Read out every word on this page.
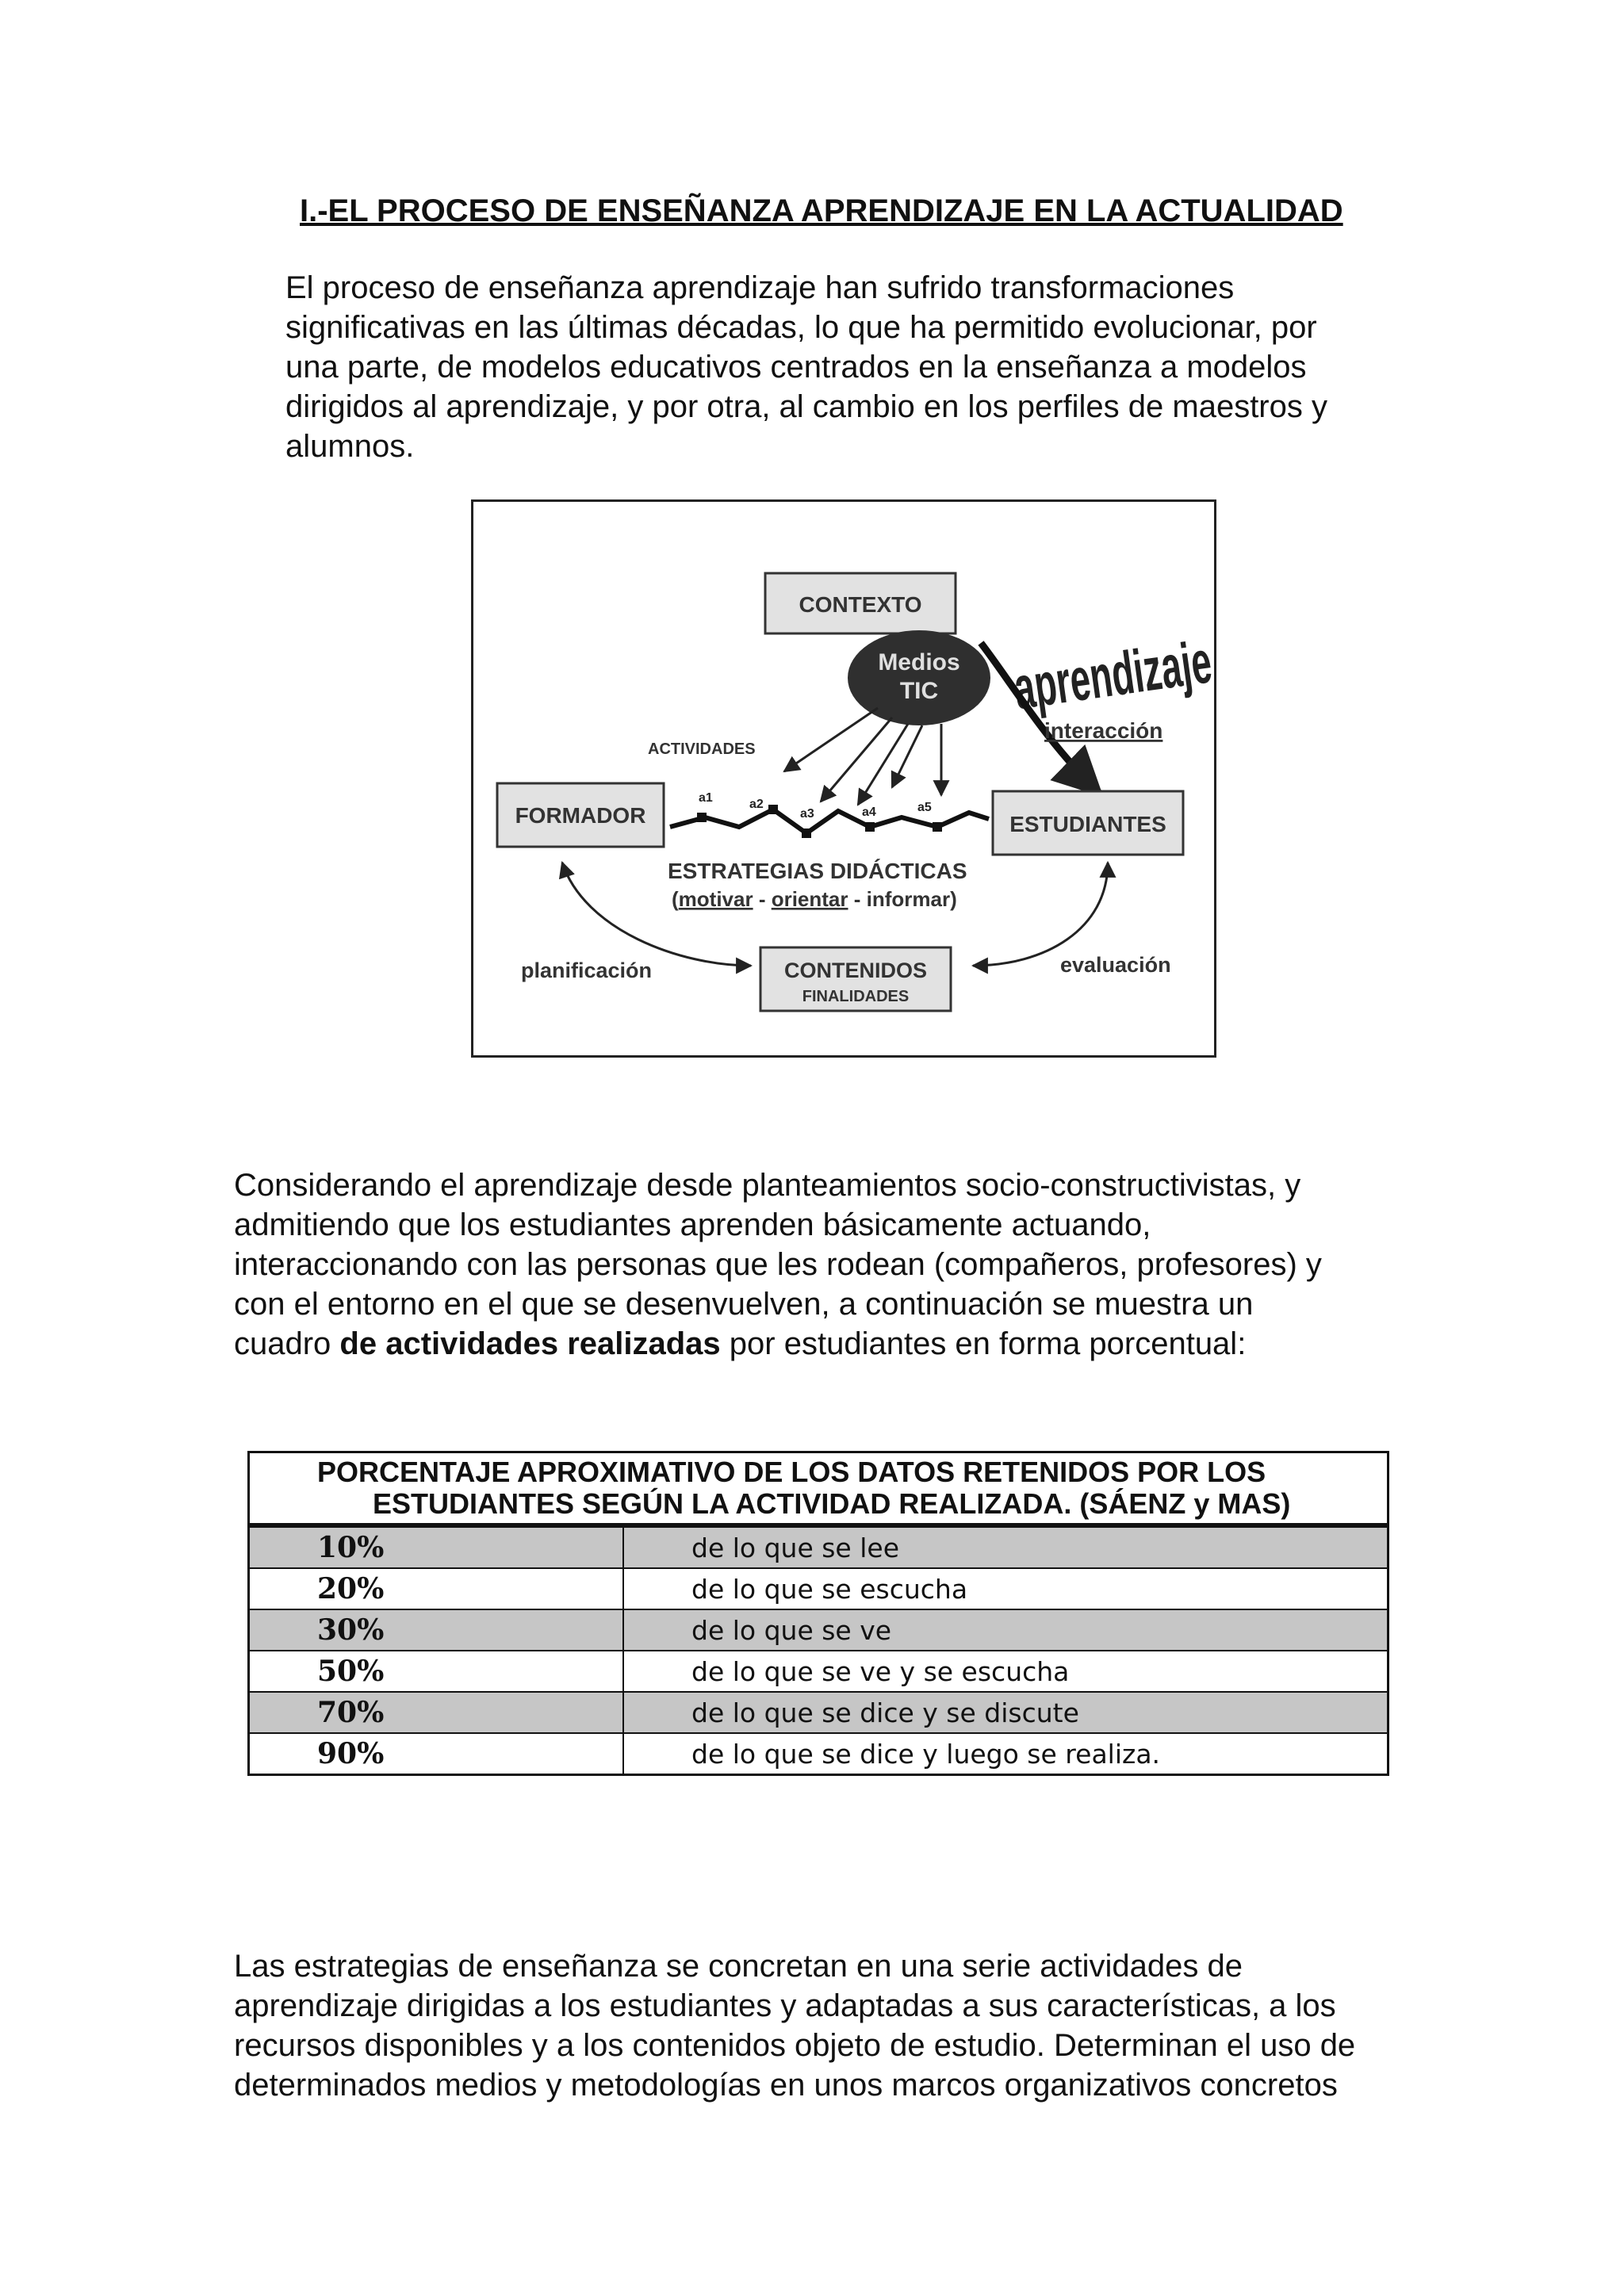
I.-EL PROCESO DE ENSEÑANZA APRENDIZAJE EN LA ACTUALIDAD

El proceso de enseñanza aprendizaje han sufrido transformaciones
significativas en las últimas décadas, lo que ha permitido evolucionar, por
una parte, de modelos educativos centrados en la enseñanza a modelos
dirigidos al aprendizaje, y por otra, al cambio en los perfiles de maestros y
alumnos.

CONTEXTO
Medios
TIC aprendizaje
interacción
ACTIVIDADES
FORMADOR	ESTUDIANTES
a1	a2
a3	a4	a5
ESTRATEGIAS DIDÁCTICAS
(motivar - orientar - informar)
planificación	evaluación
CONTENIDOS
FINALIDADES

Considerando el aprendizaje desde planteamientos socio-constructivistas, y
admitiendo que los estudiantes aprenden básicamente actuando,
interaccionando con las personas que les rodean (compañeros, profesores) y
con el entorno en el que se desenvuelven, a continuación se muestra un
cuadro de actividades realizadas por estudiantes en forma porcentual:

PORCENTAJE APROXIMATIVO DE LOS DATOS RETENIDOS POR LOS
ESTUDIANTES SEGÚN LA ACTIVIDAD REALIZADA. (SÁENZ y MAS)	

10%	de lo que se lee
20%	de lo que se escucha
30%	de lo que se ve
50%	de lo que se ve y se escucha
70%	de lo que se dice y se discute
90%	de lo que se dice y luego se realiza.

Las estrategias de enseñanza se concretan en una serie actividades de
aprendizaje dirigidas a los estudiantes y adaptadas a sus características, a los
recursos disponibles y a los contenidos objeto de estudio. Determinan el uso de
determinados medios y metodologías en unos marcos organizativos concretos
